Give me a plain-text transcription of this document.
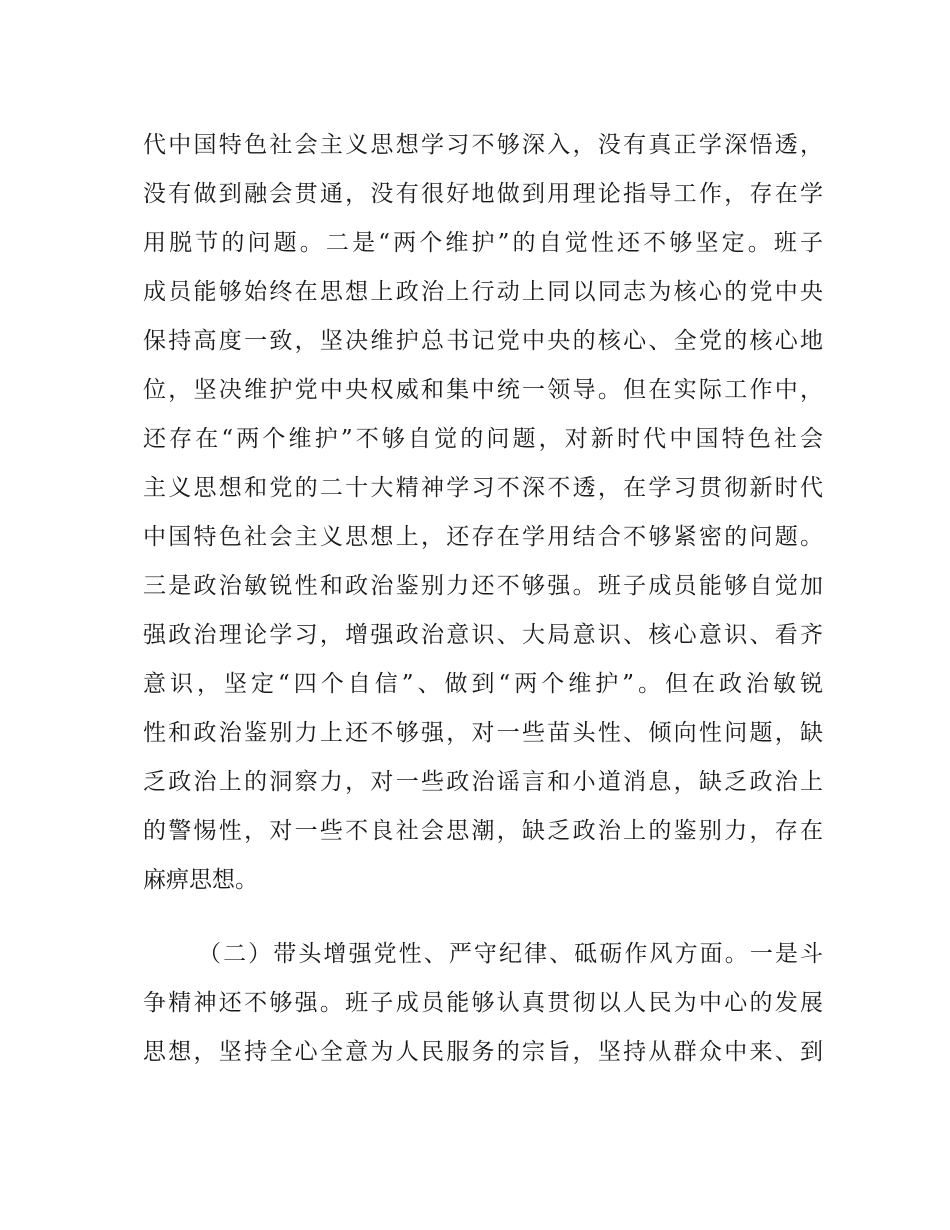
代中国特色社会主义思想学习不够深入，没有真正学深悟透，
没有做到融会贯通，没有很好地做到用理论指导工作，存在学
用脱节的问题。二是“两个维护”的自觉性还不够坚定。班子
成员能够始终在思想上政治上行动上同以同志为核心的党中央
保持高度一致，坚决维护总书记党中央的核心、全党的核心地
位，坚决维护党中央权威和集中统一领导。但在实际工作中，
还存在“两个维护”不够自觉的问题，对新时代中国特色社会
主义思想和党的二十大精神学习不深不透，在学习贯彻新时代
中国特色社会主义思想上，还存在学用结合不够紧密的问题。
三是政治敏锐性和政治鉴别力还不够强。班子成员能够自觉加
强政治理论学习，增强政治意识、大局意识、核心意识、看齐
意识，坚定“四个自信”、做到“两个维护”。但在政治敏锐
性和政治鉴别力上还不够强，对一些苗头性、倾向性问题，缺
乏政治上的洞察力，对一些政治谣言和小道消息，缺乏政治上
的警惕性，对一些不良社会思潮，缺乏政治上的鉴别力，存在
麻痹思想。
（二）带头增强党性、严守纪律、砥砺作风方面。一是斗
争精神还不够强。班子成员能够认真贯彻以人民为中心的发展
思想，坚持全心全意为人民服务的宗旨，坚持从群众中来、到
